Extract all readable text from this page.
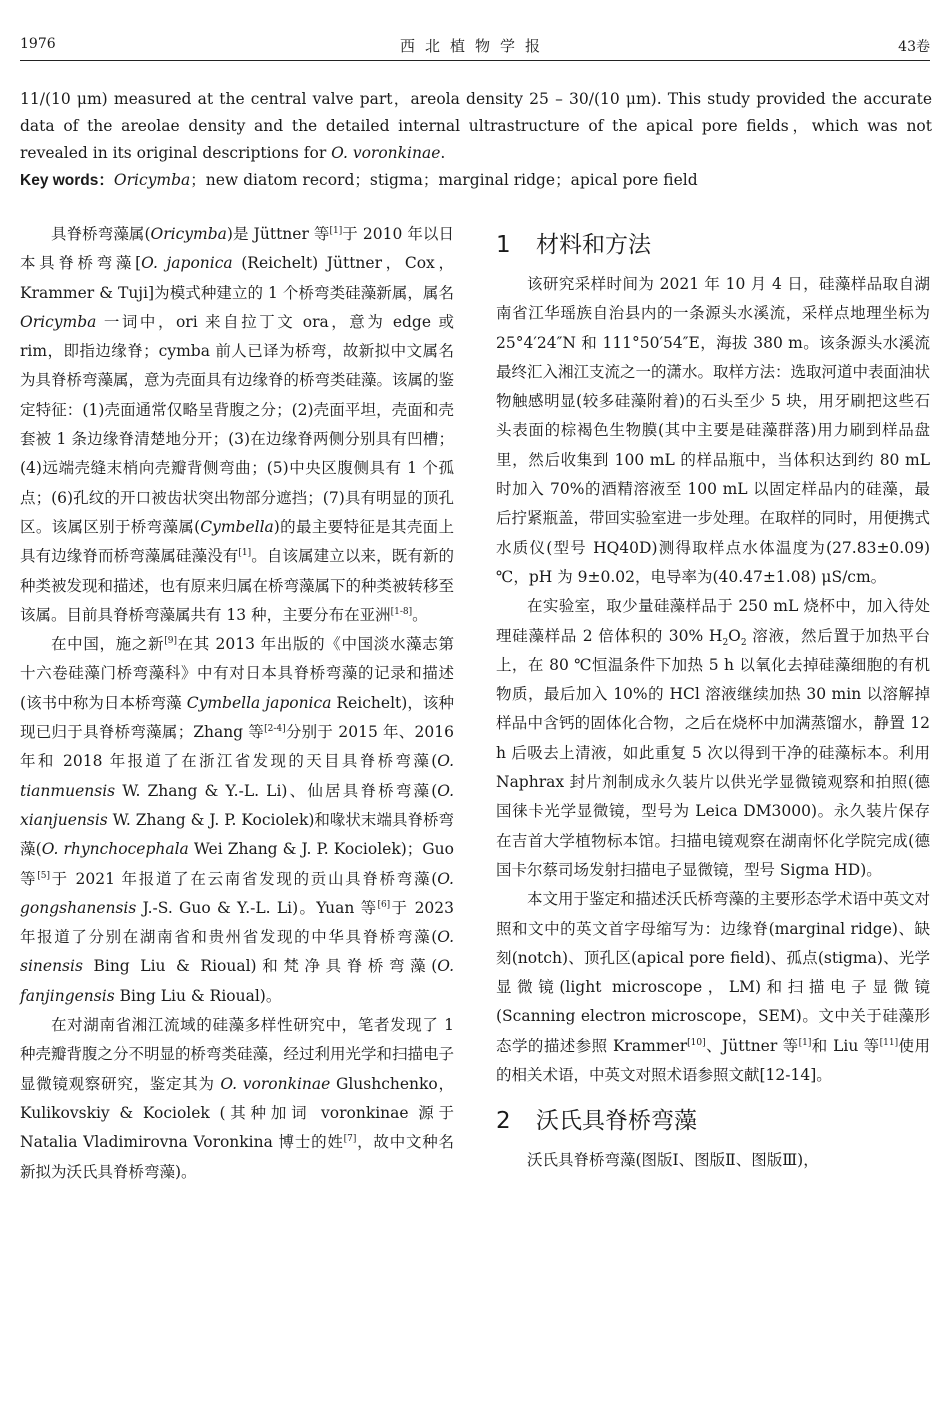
1976	西北植物学报	43卷

11/(10 μm) measured at the central valve part，areola density 25 – 30/(10 μm). This study provided the accurate data of the areolae density and the detailed internal ultrastructure of the apical pore fields，which was not revealed in its original descriptions for O. voronkinae.

Key words：Oricymba；new diatom record；stigma；marginal ridge；apical pore field

具脊桥弯藻属(Oricymba)是 Jüttner 等[1]于 2010 年以日本具脊桥弯藻[O. japonica (Reichelt) Jüttner，Cox，Krammer & Tuji]为模式种建立的 1 个桥弯类硅藻新属，属名 Oricymba 一词中，ori 来自拉丁文 ora，意为 edge 或 rim，即指边缘脊；cymba 前人已译为桥弯，故新拟中文属名为具脊桥弯藻属，意为壳面具有边缘脊的桥弯类硅藻。该属的鉴定特征：(1)壳面通常仅略呈背腹之分；(2)壳面平坦，壳面和壳套被 1 条边缘脊清楚地分开；(3)在边缘脊两侧分别具有凹槽；(4)远端壳缝末梢向壳瓣背侧弯曲；(5)中央区腹侧具有 1 个孤点；(6)孔纹的开口被齿状突出物部分遮挡；(7)具有明显的顶孔区。该属区别于桥弯藻属(Cymbella)的最主要特征是其壳面上具有边缘脊而桥弯藻属硅藻没有[1]。自该属建立以来，既有新的种类被发现和描述，也有原来归属在桥弯藻属下的种类被转移至该属。目前具脊桥弯藻属共有 13 种，主要分布在亚洲[1-8]。

在中国，施之新[9]在其 2013 年出版的《中国淡水藻志第十六卷硅藻门桥弯藻科》中有对日本具脊桥弯藻的记录和描述(该书中称为日本桥弯藻 Cymbella japonica Reichelt)，该种现已归于具脊桥弯藻属；Zhang 等[2-4]分别于 2015 年、2016 年和 2018 年报道了在浙江省发现的天目具脊桥弯藻(O. tianmuensis W. Zhang & Y.-L. Li)、仙居具脊桥弯藻(O. xianjuensis W. Zhang & J. P. Kociolek)和喙状末端具脊桥弯藻(O. rhynchocephala Wei Zhang & J. P. Kociolek)；Guo 等[5]于 2021 年报道了在云南省发现的贡山具脊桥弯藻(O. gongshanensis J.-S. Guo & Y.-L. Li)。Yuan 等[6]于 2023 年报道了分别在湖南省和贵州省发现的中华具脊桥弯藻(O. sinensis Bing Liu & Rioual)和梵净具脊桥弯藻(O. fanjingensis Bing Liu & Rioual)。

在对湖南省湘江流域的硅藻多样性研究中，笔者发现了 1 种壳瓣背腹之分不明显的桥弯类硅藻，经过利用光学和扫描电子显微镜观察研究，鉴定其为 O. voronkinae Glushchenko，Kulikovskiy & Kociolek (其种加词 voronkinae 源于 Natalia Vladimirovna Voronkina 博士的姓[7]，故中文种名新拟为沃氏具脊桥弯藻)。

1 材料和方法

该研究采样时间为 2021 年 10 月 4 日，硅藻样品取自湖南省江华瑶族自治县内的一条源头水溪流，采样点地理坐标为 25°4′24″N 和 111°50′54″E，海拔 380 m。该条源头水溪流最终汇入湘江支流之一的潇水。取样方法：选取河道中表面油状物触感明显(较多硅藻附着)的石头至少 5 块，用牙刷把这些石头表面的棕褐色生物膜(其中主要是硅藻群落)用力刷到样品盘里，然后收集到 100 mL 的样品瓶中，当体积达到约 80 mL 时加入 70%的酒精溶液至 100 mL 以固定样品内的硅藻，最后拧紧瓶盖，带回实验室进一步处理。在取样的同时，用便携式水质仪(型号 HQ40D)测得取样点水体温度为(27.83±0.09) ℃，pH 为 9±0.02，电导率为(40.47±1.08) μS/cm。

在实验室，取少量硅藻样品于 250 mL 烧杯中，加入待处理硅藻样品 2 倍体积的 30% $H_2O_2$ 溶液，然后置于加热平台上，在 80 ℃恒温条件下加热 5 h 以氧化去掉硅藻细胞的有机物质，最后加入 10%的 HCl 溶液继续加热 30 min 以溶解掉样品中含钙的固体化合物，之后在烧杯中加满蒸馏水，静置 12 h 后吸去上清液，如此重复 5 次以得到干净的硅藻标本。利用 Naphrax 封片剂制成永久装片以供光学显微镜观察和拍照(德国徕卡光学显微镜，型号为 Leica DM3000)。永久装片保存在吉首大学植物标本馆。扫描电镜观察在湖南怀化学院完成(德国卡尔蔡司场发射扫描电子显微镜，型号 Sigma HD)。

本文用于鉴定和描述沃氏桥弯藻的主要形态学术语中英文对照和文中的英文首字母缩写为：边缘脊(marginal ridge)、缺刻(notch)、顶孔区(apical pore field)、孤点(stigma)、光学显微镜(light microscope，LM)和扫描电子显微镜(Scanning electron microscope，SEM)。文中关于硅藻形态学的描述参照 Krammer[10]、Jüttner 等[1]和 Liu 等[11]使用的相关术语，中英文对照术语参照文献[12-14]。

2 沃氏具脊桥弯藻

沃氏具脊桥弯藻(图版Ⅰ、图版Ⅱ、图版Ⅲ)，
